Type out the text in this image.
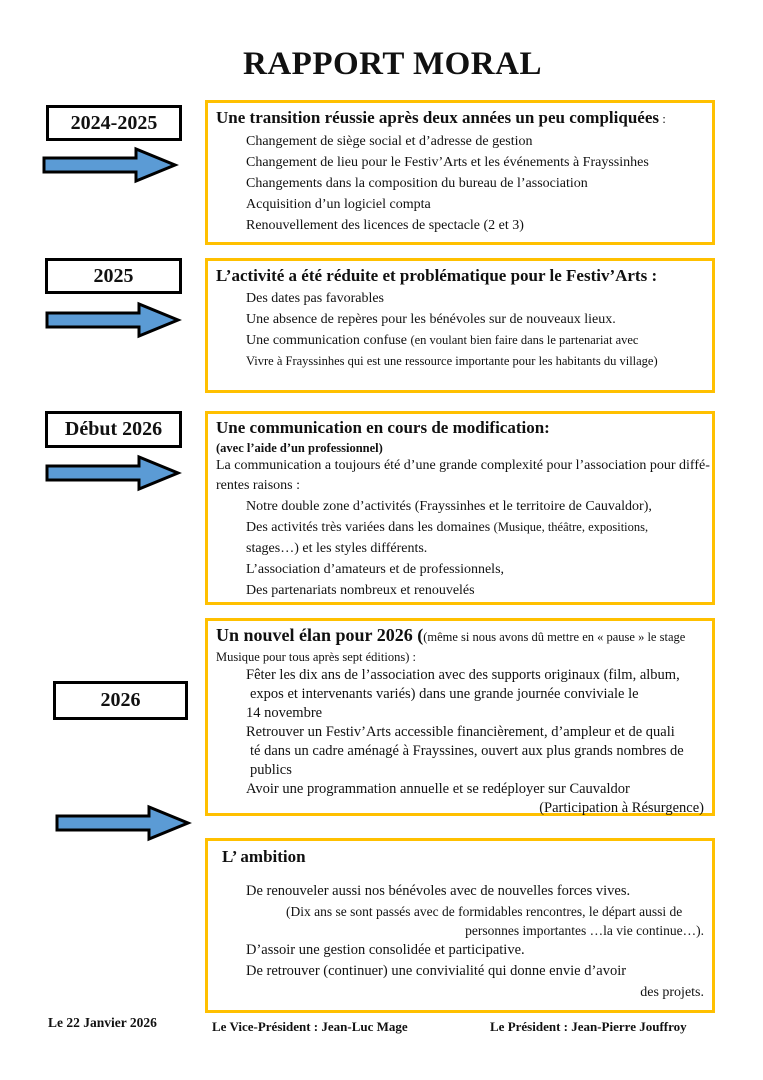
RAPPORT MORAL
2024-2025
2025
Début 2026
2026
Une transition réussie après deux années un peu compliquées :
Changement de siège social et d’adresse de gestion
Changement de lieu pour le Festiv’Arts et les événements à Frayssinhes
Changements dans la composition du bureau de l’association
Acquisition d’un logiciel compta
Renouvellement des licences de spectacle (2 et 3)
L’activité a été réduite et problématique pour le Festiv’Arts :
Des dates pas favorables
Une absence de repères pour les bénévoles sur de nouveaux lieux.
Une communication confuse (en voulant bien faire dans le partenariat avec
Vivre à Frayssinhes qui est une ressource importante pour les habitants du village)
Une communication en cours de modification:
(avec l’aide d’un professionnel)
La communication a toujours été d’une grande complexité pour l’association pour diffé-
rentes raisons :
Notre double zone d’activités (Frayssinhes et le territoire de Cauvaldor),
Des activités très variées dans les domaines (Musique, théâtre, expositions,
stages…) et les styles différents.
L’association d’amateurs et de professionnels,
Des partenariats nombreux et renouvelés
Un nouvel élan pour 2026 ((même si nous avons dû mettre en « pause » le stage
Musique pour tous après sept éditions) :
Fêter les dix ans de l’association avec des supports originaux (film, album,
expos et intervenants variés) dans une grande journée conviviale le
14 novembre
Retrouver un Festiv’Arts accessible financièrement, d’ampleur et de quali
té dans un cadre aménagé à Frayssines, ouvert aux plus grands nombres de
publics
Avoir une programmation annuelle et se redéployer sur Cauvaldor
(Participation à Résurgence)
L’ ambition
De renouveler aussi nos bénévoles avec de nouvelles forces vives.
(Dix ans se sont passés avec de formidables rencontres, le départ aussi de
personnes importantes …la vie continue…).
D’assoir une gestion consolidée et participative.
De retrouver (continuer) une convivialité qui donne envie d’avoir
des projets.
Le 22 Janvier 2026	Le Vice-Président : Jean-Luc Mage	Le Président : Jean-Pierre Jouffroy
